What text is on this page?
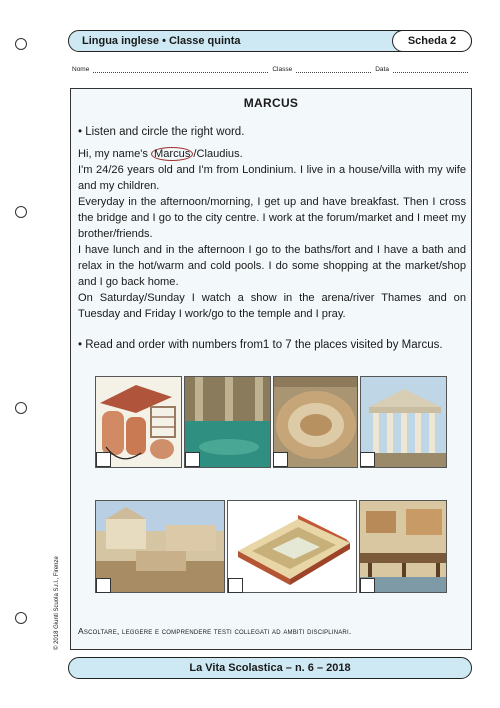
Lingua inglese • Classe quinta	Scheda 2
Nome	Classe	Data
MARCUS
• Listen and circle the right word.

Hi, my name's Marcus /Claudius.

I'm 24/26 years old and I'm from Londinium. I live in a house/villa with my wife and my children.

Everyday in the afternoon/morning, I get up and have breakfast. Then I cross the bridge and I go to the city centre. I work at the forum/market and I meet my brother/friends.

I have lunch and in the afternoon I go to the baths/fort and I have a bath and relax in the hot/warm and cold pools. I do some shopping at the market/shop and I go back home.

On Saturday/Sunday I watch a show in the arena/river Thames and on Tuesday and Friday I work/go to the temple and I pray.

• Read and order with numbers from1 to 7 the places visited by Marcus.
Ascoltare, leggere e comprendere testi collegati ad ambiti disciplinari.
© 2018 Giunti Scuola S.r.l., Firenze
La Vita Scolastica – n. 6 – 2018
